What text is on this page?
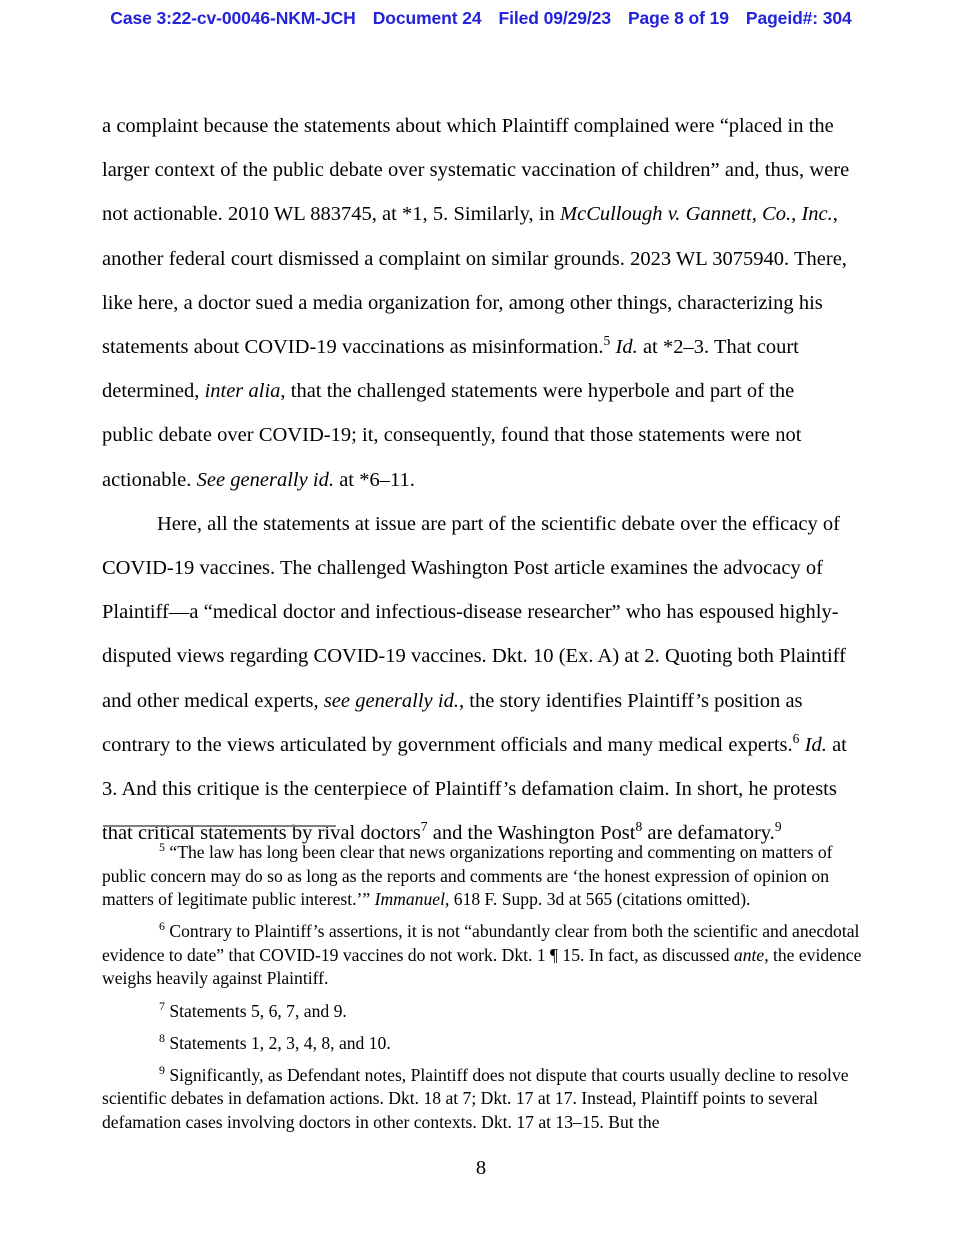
Case 3:22-cv-00046-NKM-JCH Document 24 Filed 09/29/23 Page 8 of 19 Pageid#: 304

a complaint because the statements about which Plaintiff complained were “placed in the larger context of the public debate over systematic vaccination of children” and, thus, were not actionable. 2010 WL 883745, at *1, 5. Similarly, in McCullough v. Gannett, Co., Inc., another federal court dismissed a complaint on similar grounds. 2023 WL 3075940. There, like here, a doctor sued a media organization for, among other things, characterizing his statements about COVID-19 vaccinations as misinformation.$^5$ Id. at *2–3. That court determined, inter alia, that the challenged statements were hyperbole and part of the public debate over COVID-19; it, consequently, found that those statements were not actionable. See generally id. at *6–11.

Here, all the statements at issue are part of the scientific debate over the efficacy of COVID-19 vaccines. The challenged Washington Post article examines the advocacy of Plaintiff—a “medical doctor and infectious-disease researcher” who has espoused highly-disputed views regarding COVID-19 vaccines. Dkt. 10 (Ex. A) at 2. Quoting both Plaintiff and other medical experts, see generally id., the story identifies Plaintiff’s position as contrary to the views articulated by government officials and many medical experts.$^6$ Id. at 3. And this critique is the centerpiece of Plaintiff’s defamation claim. In short, he protests that critical statements by rival doctors$^7$ and the Washington Post$^8$ are defamatory.$^9$

$^5$ “The law has long been clear that news organizations reporting and commenting on matters of public concern may do so as long as the reports and comments are ‘the honest expression of opinion on matters of legitimate public interest.’” Immanuel, 618 F. Supp. 3d at 565 (citations omitted).

$^6$ Contrary to Plaintiff’s assertions, it is not “abundantly clear from both the scientific and anecdotal evidence to date” that COVID-19 vaccines do not work. Dkt. 1 ¶ 15. In fact, as discussed ante, the evidence weighs heavily against Plaintiff.

$^7$ Statements 5, 6, 7, and 9.

$^8$ Statements 1, 2, 3, 4, 8, and 10.

$^9$ Significantly, as Defendant notes, Plaintiff does not dispute that courts usually decline to resolve scientific debates in defamation actions. Dkt. 18 at 7; Dkt. 17 at 17. Instead, Plaintiff points to several defamation cases involving doctors in other contexts. Dkt. 17 at 13–15. But the

8
